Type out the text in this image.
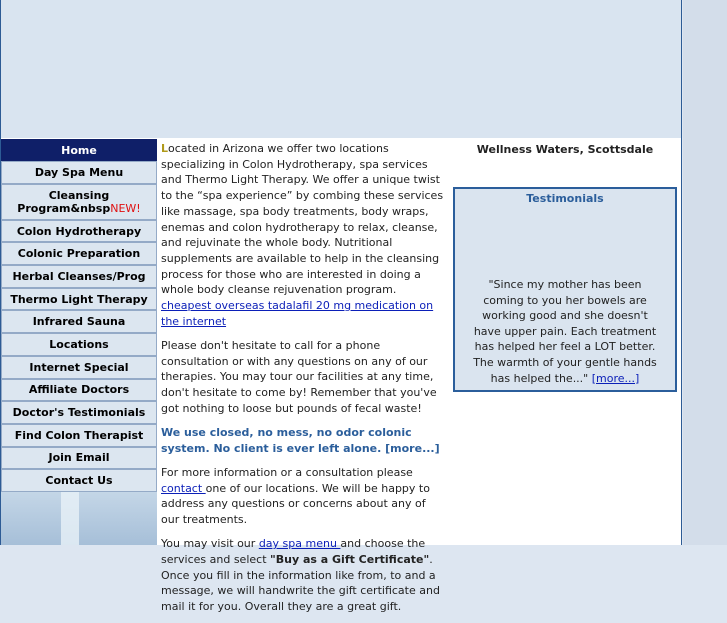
Home
Day Spa Menu
Cleansing
Program&nbspNEW!
Colon Hydrotherapy
Colonic Preparation
Herbal Cleanses/Prog
Thermo Light Therapy
Infrared Sauna
Locations
Internet Special
Affiliate Doctors
Doctor's Testimonials
Find Colon Therapist
Join Email
Contact Us

Located in Arizona we offer two locations specializing in Colon Hydrotherapy, spa services and Thermo Light Therapy. We offer a unique twist to the “spa experience” by combing these services like massage, spa body treatments, body wraps, enemas and colon hydrotherapy to relax, cleanse, and rejuvinate the whole body. Nutritional supplements are available to help in the cleansing process for those who are interested in doing a whole body cleanse rejuvenation program. cheapest overseas tadalafil 20 mg medication on the internet

Please don't hesitate to call for a phone consultation or with any questions on any of our therapies. You may tour our facilities at any time, don't hesitate to come by! Remember that you've got nothing to loose but pounds of fecal waste!

We use closed, no mess, no odor colonic system. No client is ever left alone. [more...]

For more information or a consultation please contact one of our locations. We will be happy to address any questions or concerns about any of our treatments.

You may visit our day spa menu and choose the services and select "Buy as a Gift Certificate". Once you fill in the information like from, to and a message, we will handwrite the gift certificate and mail it for you. Overall they are a great gift.

Wellness Waters, Scottsdale
Testimonials
"Since my mother has been coming to you her bowels are working good and she doesn't have upper pain. Each treatment has helped her feel a LOT better. The warmth of your gentle hands has helped the..." [more...]
